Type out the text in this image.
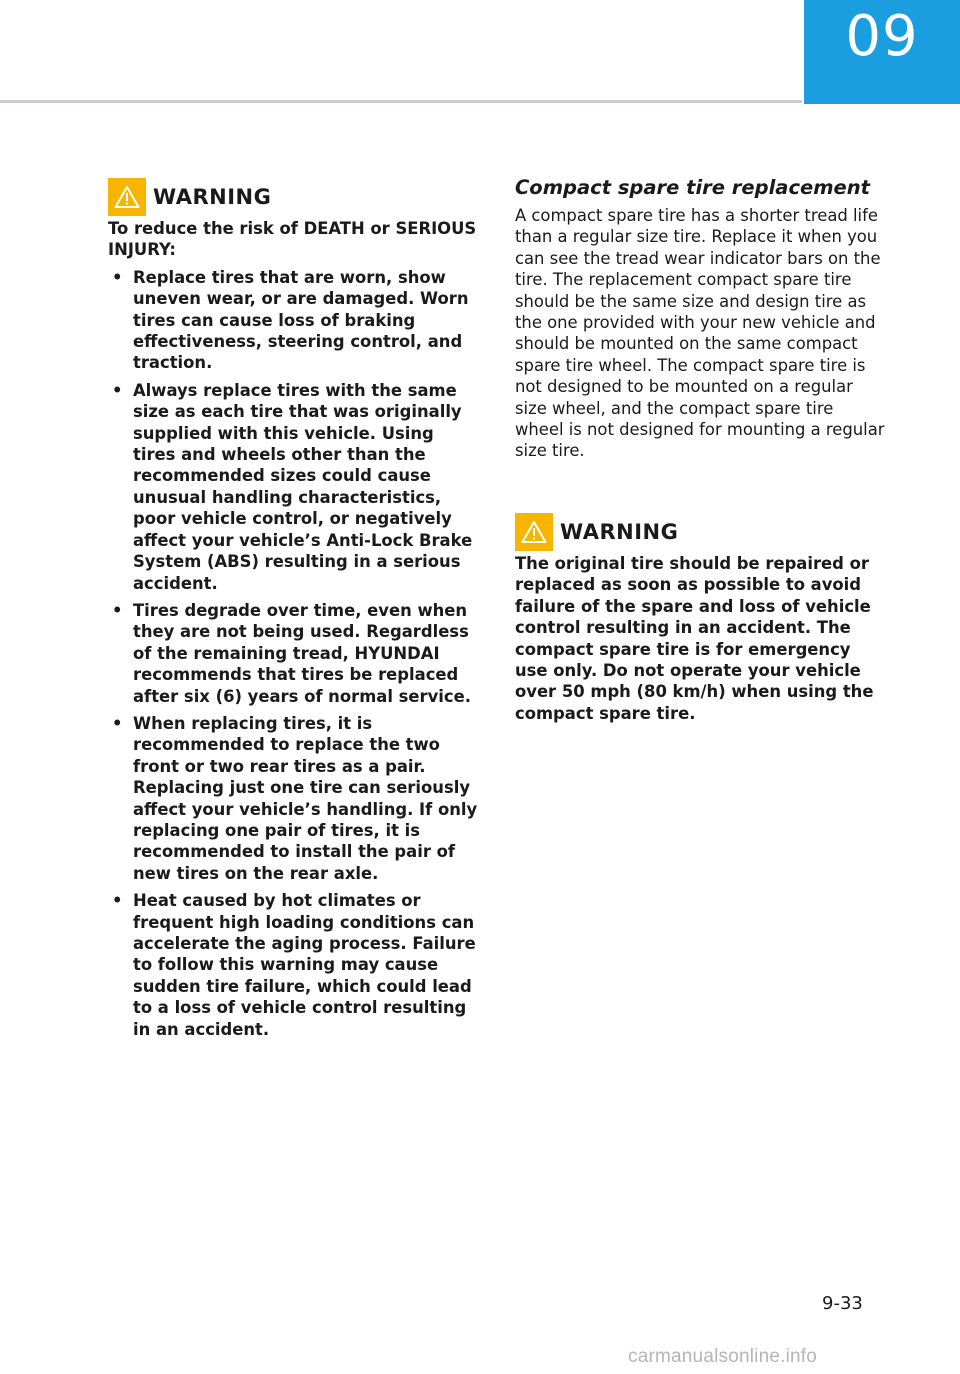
09
WARNING

To reduce the risk of DEATH or SERIOUS INJURY:

• Replace tires that are worn, show uneven wear, or are damaged. Worn tires can cause loss of braking effectiveness, steering control, and traction.
• Always replace tires with the same size as each tire that was originally supplied with this vehicle. Using tires and wheels other than the recommended sizes could cause unusual handling characteristics, poor vehicle control, or negatively affect your vehicle’s Anti-Lock Brake System (ABS) resulting in a serious accident.
• Tires degrade over time, even when they are not being used. Regardless of the remaining tread, HYUNDAI recommends that tires be replaced after six (6) years of normal service.
• When replacing tires, it is recommended to replace the two front or two rear tires as a pair. Replacing just one tire can seriously affect your vehicle’s handling. If only replacing one pair of tires, it is recommended to install the pair of new tires on the rear axle.
• Heat caused by hot climates or frequent high loading conditions can accelerate the aging process. Failure to follow this warning may cause sudden tire failure, which could lead to a loss of vehicle control resulting in an accident.
Compact spare tire replacement

A compact spare tire has a shorter tread life than a regular size tire. Replace it when you can see the tread wear indicator bars on the tire. The replacement compact spare tire should be the same size and design tire as the one provided with your new vehicle and should be mounted on the same compact spare tire wheel. The compact spare tire is not designed to be mounted on a regular size wheel, and the compact spare tire wheel is not designed for mounting a regular size tire.

WARNING

The original tire should be repaired or replaced as soon as possible to avoid failure of the spare and loss of vehicle control resulting in an accident. The compact spare tire is for emergency use only. Do not operate your vehicle over 50 mph (80 km/h) when using the compact spare tire.

9-33
carmanualsonline.info
